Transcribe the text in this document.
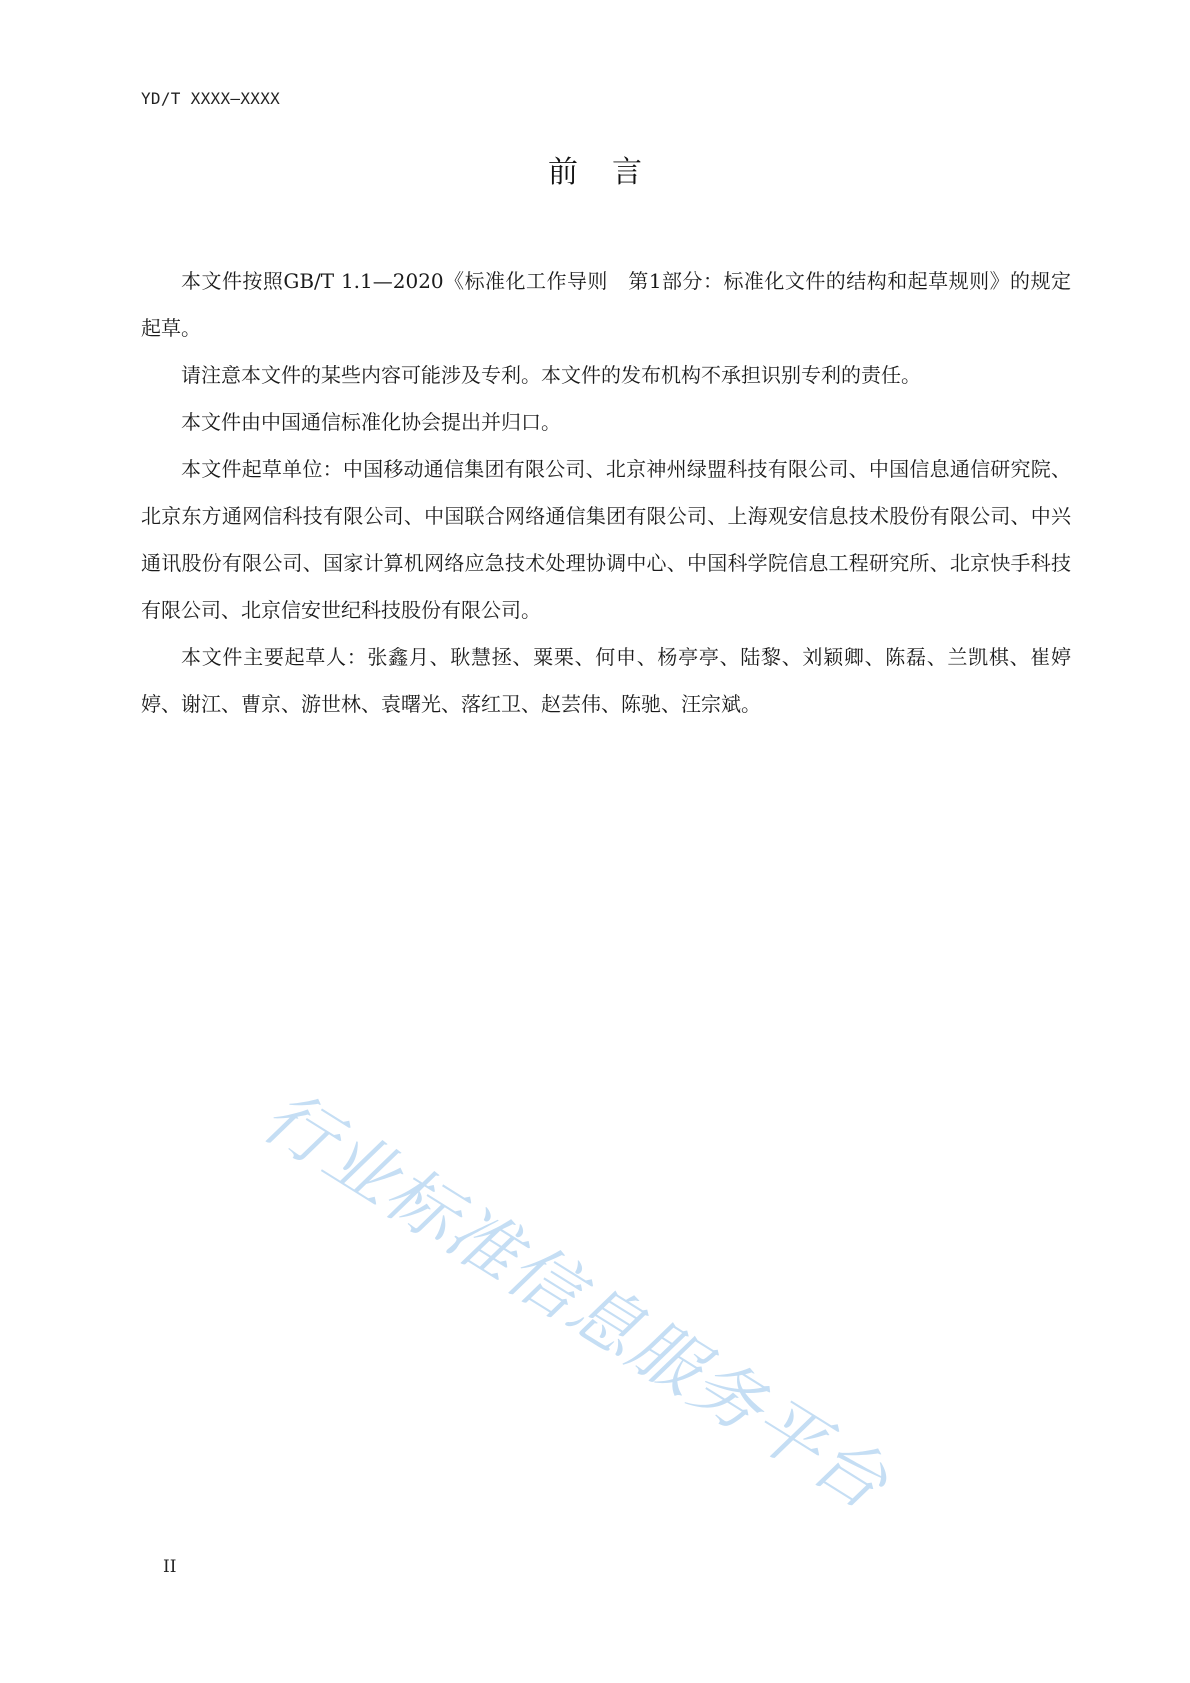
YD/T XXXX—XXXX
前言

本文件按照GB/T 1.1—2020《标准化工作导则　第1部分：标准化文件的结构和起草规则》的规定起草。

请注意本文件的某些内容可能涉及专利。本文件的发布机构不承担识别专利的责任。

本文件由中国通信标准化协会提出并归口。

本文件起草单位：中国移动通信集团有限公司、北京神州绿盟科技有限公司、中国信息通信研究院、北京东方通网信科技有限公司、中国联合网络通信集团有限公司、上海观安信息技术股份有限公司、中兴通讯股份有限公司、国家计算机网络应急技术处理协调中心、中国科学院信息工程研究所、北京快手科技有限公司、北京信安世纪科技股份有限公司。

本文件主要起草人：张鑫月、耿慧拯、粟栗、何申、杨亭亭、陆黎、刘颖卿、陈磊、兰凯棋、崔婷婷、谢江、曹京、游世林、袁曙光、落红卫、赵芸伟、陈驰、汪宗斌。

行业标准信息服务平台
II
